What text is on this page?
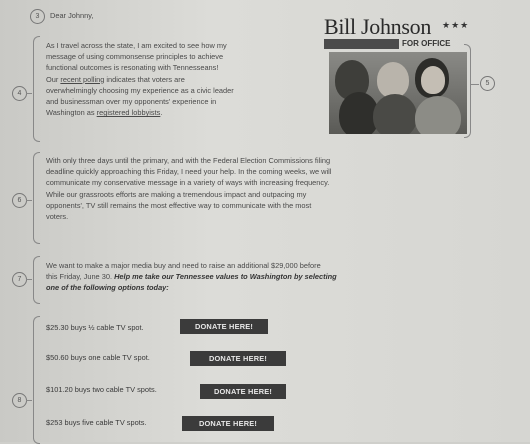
3	Dear Johnny,	Bill Johnson ★★★
FOR OFFICE
4
As I travel across the state, I am excited to see how my
message of using commonsense principles to achieve
functional outcomes is resonating with Tennesseans!
Our recent polling indicates that voters are
overwhelmingly choosing my experience as a civic leader
and businessman over my opponents' experience in
Washington as registered lobbyists.
5
6
With only three days until the primary, and with the Federal Election Commissions filing
deadline quickly approaching this Friday, I need your help. In the coming weeks, we will
communicate my conservative message in a variety of ways with increasing frequency.
While our grassroots efforts are making a tremendous impact and outpacing my
opponents', TV still remains the most effective way to communicate with the most
voters.
7
We want to make a major media buy and need to raise an additional $29,000 before
this Friday, June 30. Help me take our Tennessee values to Washington by selecting
one of the following options today:
8
$25.30 buys ½ cable TV spot.	DONATE HERE!
$50.60 buys one cable TV spot.	DONATE HERE!
$101.20 buys two cable TV spots.	DONATE HERE!
$253 buys five cable TV spots.	DONATE HERE!
